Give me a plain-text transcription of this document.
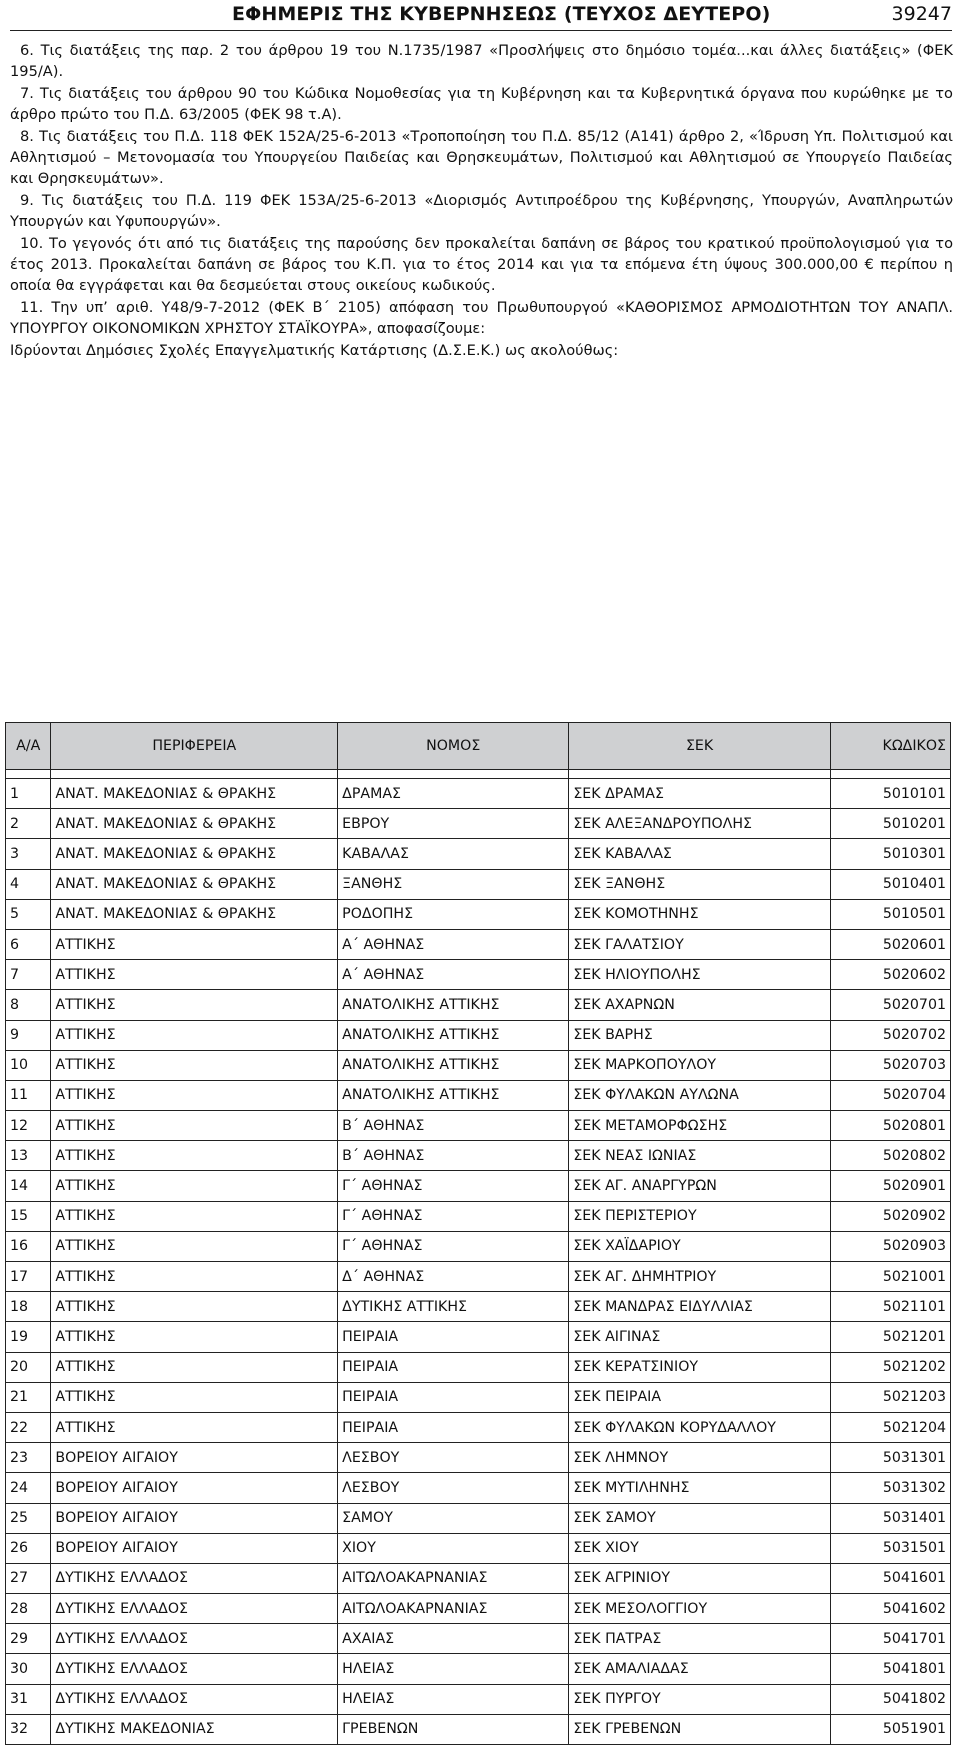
ΕΦΗΜΕΡΙΣ ΤΗΣ ΚΥΒΕΡΝΗΣΕΩΣ (ΤΕΥΧΟΣ ΔΕΥΤΕΡΟ)	39247

6. Τις διατάξεις της παρ. 2 του άρθρου 19 του Ν.1735/1987 «Προσλήψεις στο δημόσιο τομέα...και άλλες διατάξεις» (ΦΕΚ 195/Α).

7. Τις διατάξεις του άρθρου 90 του Κώδικα Νομοθεσίας για τη Κυβέρνηση και τα Κυβερνητικά όργανα που κυρώθηκε με το άρθρο πρώτο του Π.Δ. 63/2005 (ΦΕΚ 98 τ.Α).

8. Τις διατάξεις του Π.Δ. 118 ΦΕΚ 152Α/25-6-2013 «Τροποποίηση του Π.Δ. 85/12 (Α141) άρθρο 2, «Ίδρυση Υπ. Πολιτισμού και Αθλητισμού – Μετονομασία του Υπουργείου Παιδείας και Θρησκευμάτων, Πολιτισμού και Αθλητισμού σε Υπουργείο Παιδείας και Θρησκευμάτων».

9. Τις διατάξεις του Π.Δ. 119 ΦΕΚ 153Α/25-6-2013 «Διορισμός Αντιπροέδρου της Κυβέρνησης, Υπουργών, Αναπληρωτών Υπουργών και Υφυπουργών».

10. Το γεγονός ότι από τις διατάξεις της παρούσης δεν προκαλείται δαπάνη σε βάρος του κρατικού προϋπολογισμού για το έτος 2013. Προκαλείται δαπάνη σε βάρος του Κ.Π. για το έτος 2014 και για τα επόμενα έτη ύψους 300.000,00 € περίπου η οποία θα εγγράφεται και θα δεσμεύεται στους οικείους κωδικούς.

11. Την υπ’ αριθ. Υ48/9-7-2012 (ΦΕΚ Β΄ 2105) απόφαση του Πρωθυπουργού «ΚΑΘΟΡΙΣΜΟΣ ΑΡΜΟΔΙΟΤΗΤΩΝ ΤΟΥ ΑΝΑΠΛ. ΥΠΟΥΡΓΟΥ ΟΙΚΟΝΟΜΙΚΩΝ ΧΡΗΣΤΟΥ ΣΤΑΪΚΟΥΡΑ», αποφασίζουμε:

Ιδρύονται Δημόσιες Σχολές Επαγγελματικής Κατάρτισης (Δ.Σ.Ε.Κ.) ως ακολούθως:

Α/Α	ΠΕΡΙΦΕΡΕΙΑ	ΝΟΜΟΣ	ΣΕΚ	ΚΩΔΙΚΟΣ

1	ΑΝΑΤ. ΜΑΚΕΔΟΝΙΑΣ & ΘΡΑΚΗΣ	ΔΡΑΜΑΣ	ΣΕΚ ΔΡΑΜΑΣ	5010101
2	ΑΝΑΤ. ΜΑΚΕΔΟΝΙΑΣ & ΘΡΑΚΗΣ	ΕΒΡΟΥ	ΣΕΚ ΑΛΕΞΑΝΔΡΟΥΠΟΛΗΣ	5010201
3	ΑΝΑΤ. ΜΑΚΕΔΟΝΙΑΣ & ΘΡΑΚΗΣ	ΚΑΒΑΛΑΣ	ΣΕΚ ΚΑΒΑΛΑΣ	5010301
4	ΑΝΑΤ. ΜΑΚΕΔΟΝΙΑΣ & ΘΡΑΚΗΣ	ΞΑΝΘΗΣ	ΣΕΚ ΞΑΝΘΗΣ	5010401
5	ΑΝΑΤ. ΜΑΚΕΔΟΝΙΑΣ & ΘΡΑΚΗΣ	ΡΟΔΟΠΗΣ	ΣΕΚ ΚΟΜΟΤΗΝΗΣ	5010501
6	ΑΤΤΙΚΗΣ	Α΄ ΑΘΗΝΑΣ	ΣΕΚ ΓΑΛΑΤΣΙΟΥ	5020601
7	ΑΤΤΙΚΗΣ	Α΄ ΑΘΗΝΑΣ	ΣΕΚ ΗΛΙΟΥΠΟΛΗΣ	5020602
8	ΑΤΤΙΚΗΣ	ΑΝΑΤΟΛΙΚΗΣ ΑΤΤΙΚΗΣ	ΣΕΚ ΑΧΑΡΝΩΝ	5020701
9	ΑΤΤΙΚΗΣ	ΑΝΑΤΟΛΙΚΗΣ ΑΤΤΙΚΗΣ	ΣΕΚ ΒΑΡΗΣ	5020702
10	ΑΤΤΙΚΗΣ	ΑΝΑΤΟΛΙΚΗΣ ΑΤΤΙΚΗΣ	ΣΕΚ ΜΑΡΚΟΠΟΥΛΟΥ	5020703
11	ΑΤΤΙΚΗΣ	ΑΝΑΤΟΛΙΚΗΣ ΑΤΤΙΚΗΣ	ΣΕΚ ΦΥΛΑΚΩΝ ΑΥΛΩΝΑ	5020704
12	ΑΤΤΙΚΗΣ	Β΄ ΑΘΗΝΑΣ	ΣΕΚ ΜΕΤΑΜΟΡΦΩΣΗΣ	5020801
13	ΑΤΤΙΚΗΣ	Β΄ ΑΘΗΝΑΣ	ΣΕΚ ΝΕΑΣ ΙΩΝΙΑΣ	5020802
14	ΑΤΤΙΚΗΣ	Γ΄ ΑΘΗΝΑΣ	ΣΕΚ ΑΓ. ΑΝΑΡΓΥΡΩΝ	5020901
15	ΑΤΤΙΚΗΣ	Γ΄ ΑΘΗΝΑΣ	ΣΕΚ ΠΕΡΙΣΤΕΡΙΟΥ	5020902
16	ΑΤΤΙΚΗΣ	Γ΄ ΑΘΗΝΑΣ	ΣΕΚ ΧΑΪΔΑΡΙΟΥ	5020903
17	ΑΤΤΙΚΗΣ	Δ΄ ΑΘΗΝΑΣ	ΣΕΚ ΑΓ. ΔΗΜΗΤΡΙΟΥ	5021001
18	ΑΤΤΙΚΗΣ	ΔΥΤΙΚΗΣ ΑΤΤΙΚΗΣ	ΣΕΚ ΜΑΝΔΡΑΣ ΕΙΔΥΛΛΙΑΣ	5021101
19	ΑΤΤΙΚΗΣ	ΠΕΙΡΑΙΑ	ΣΕΚ ΑΙΓΙΝΑΣ	5021201
20	ΑΤΤΙΚΗΣ	ΠΕΙΡΑΙΑ	ΣΕΚ ΚΕΡΑΤΣΙΝΙΟΥ	5021202
21	ΑΤΤΙΚΗΣ	ΠΕΙΡΑΙΑ	ΣΕΚ ΠΕΙΡΑΙΑ	5021203
22	ΑΤΤΙΚΗΣ	ΠΕΙΡΑΙΑ	ΣΕΚ ΦΥΛΑΚΩΝ ΚΟΡΥΔΑΛΛΟΥ	5021204
23	ΒΟΡΕΙΟΥ ΑΙΓΑΙΟΥ	ΛΕΣΒΟΥ	ΣΕΚ ΛΗΜΝΟΥ	5031301
24	ΒΟΡΕΙΟΥ ΑΙΓΑΙΟΥ	ΛΕΣΒΟΥ	ΣΕΚ ΜΥΤΙΛΗΝΗΣ	5031302
25	ΒΟΡΕΙΟΥ ΑΙΓΑΙΟΥ	ΣΑΜΟΥ	ΣΕΚ ΣΑΜΟΥ	5031401
26	ΒΟΡΕΙΟΥ ΑΙΓΑΙΟΥ	ΧΙΟΥ	ΣΕΚ ΧΙΟΥ	5031501
27	ΔΥΤΙΚΗΣ ΕΛΛΑΔΟΣ	ΑΙΤΩΛΟΑΚΑΡΝΑΝΙΑΣ	ΣΕΚ ΑΓΡΙΝΙΟΥ	5041601
28	ΔΥΤΙΚΗΣ ΕΛΛΑΔΟΣ	ΑΙΤΩΛΟΑΚΑΡΝΑΝΙΑΣ	ΣΕΚ ΜΕΣΟΛΟΓΓΙΟΥ	5041602
29	ΔΥΤΙΚΗΣ ΕΛΛΑΔΟΣ	ΑΧΑΙΑΣ	ΣΕΚ ΠΑΤΡΑΣ	5041701
30	ΔΥΤΙΚΗΣ ΕΛΛΑΔΟΣ	ΗΛΕΙΑΣ	ΣΕΚ ΑΜΑΛΙΑΔΑΣ	5041801
31	ΔΥΤΙΚΗΣ ΕΛΛΑΔΟΣ	ΗΛΕΙΑΣ	ΣΕΚ ΠΥΡΓΟΥ	5041802
32	ΔΥΤΙΚΗΣ ΜΑΚΕΔΟΝΙΑΣ	ΓΡΕΒΕΝΩΝ	ΣΕΚ ΓΡΕΒΕΝΩΝ	5051901
